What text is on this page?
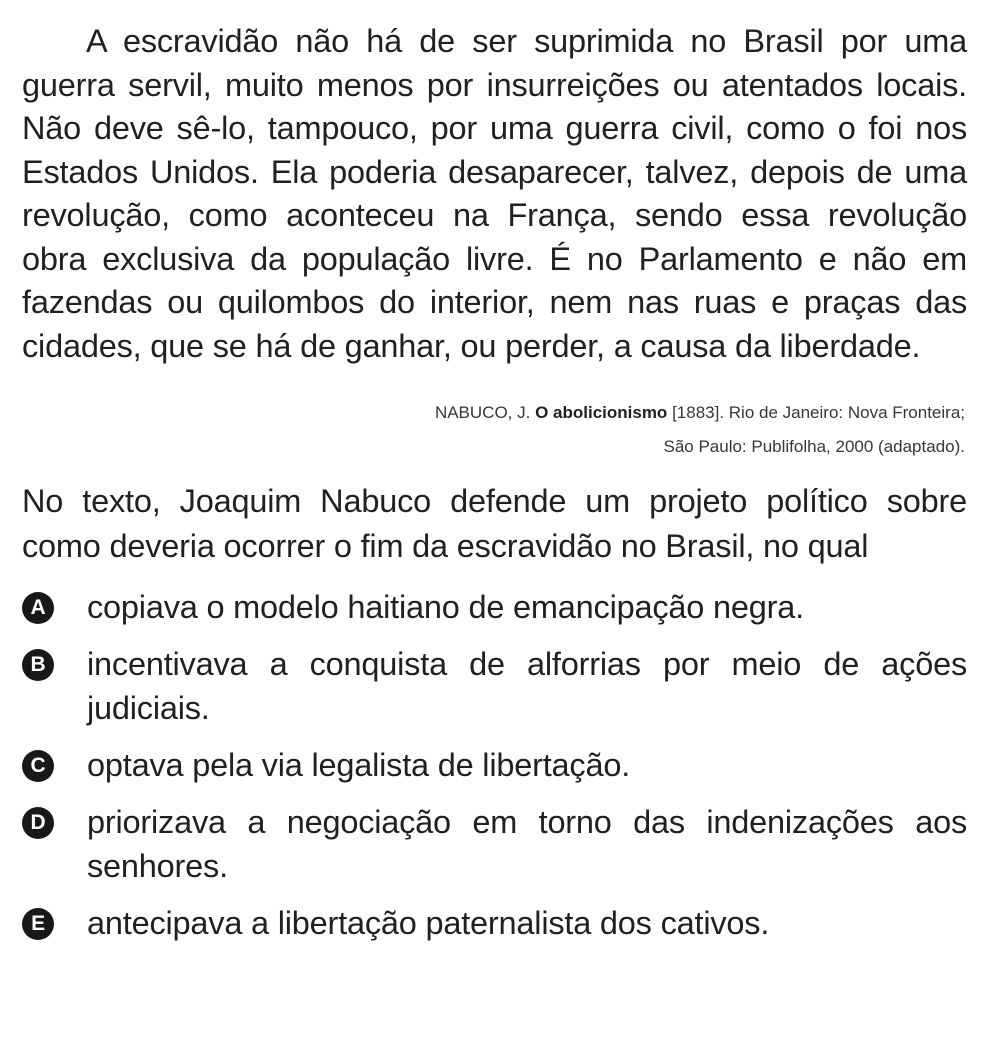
A escravidão não há de ser suprimida no Brasil por uma guerra servil, muito menos por insurreições ou atentados locais. Não deve sê-lo, tampouco, por uma guerra civil, como o foi nos Estados Unidos. Ela poderia desaparecer, talvez, depois de uma revolução, como aconteceu na França, sendo essa revolução obra exclusiva da população livre. É no Parlamento e não em fazendas ou quilombos do interior, nem nas ruas e praças das cidades, que se há de ganhar, ou perder, a causa da liberdade.

NABUCO, J. O abolicionismo [1883]. Rio de Janeiro: Nova Fronteira;
São Paulo: Publifolha, 2000 (adaptado).

No texto, Joaquim Nabuco defende um projeto político sobre como deveria ocorrer o fim da escravidão no Brasil, no qual

A copiava o modelo haitiano de emancipação negra.
B incentivava a conquista de alforrias por meio de ações judiciais.
C optava pela via legalista de libertação.
D priorizava a negociação em torno das indenizações aos senhores.
E antecipava a libertação paternalista dos cativos.
